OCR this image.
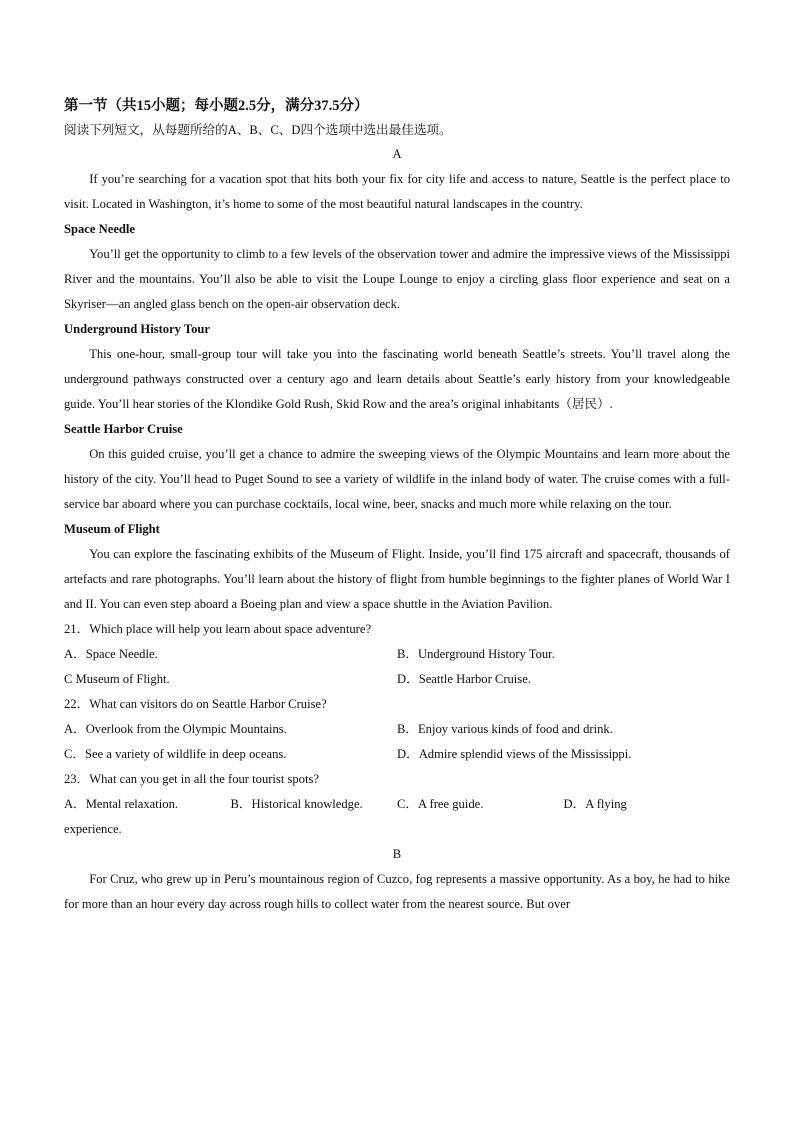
第一节（共15小题；每小题2.5分，满分37.5分）
阅读下列短文，从每题所给的A、B、C、D四个选项中选出最佳选项。
A

If you’re searching for a vacation spot that hits both your fix for city life and access to nature, Seattle is the perfect place to visit. Located in Washington, it’s home to some of the most beautiful natural landscapes in the country.

Space Needle

You’ll get the opportunity to climb to a few levels of the observation tower and admire the impressive views of the Mississippi River and the mountains. You’ll also be able to visit the Loupe Lounge to enjoy a circling glass floor experience and seat on a Skyriser—an angled glass bench on the open-air observation deck.

Underground History Tour

This one-hour, small-group tour will take you into the fascinating world beneath Seattle’s streets. You’ll travel along the underground pathways constructed over a century ago and learn details about Seattle’s early history from your knowledgeable guide. You’ll hear stories of the Klondike Gold Rush, Skid Row and the area’s original inhabitants（居民）.

Seattle Harbor Cruise

On this guided cruise, you’ll get a chance to admire the sweeping views of the Olympic Mountains and learn more about the history of the city. You’ll head to Puget Sound to see a variety of wildlife in the inland body of water. The cruise comes with a full-service bar aboard where you can purchase cocktails, local wine, beer, snacks and much more while relaxing on the tour.

Museum of Flight

You can explore the fascinating exhibits of the Museum of Flight. Inside, you’ll find 175 aircraft and spacecraft, thousands of artefacts and rare photographs. You’ll learn about the history of flight from humble beginnings to the fighter planes of World War I and II. You can even step aboard a Boeing plan and view a space shuttle in the Aviation Pavilion.

21．Which place will help you learn about space adventure?
A．Space Needle.	B．Underground History Tour.
C Museum of Flight.	D．Seattle Harbor Cruise.
22．What can visitors do on Seattle Harbor Cruise?
A．Overlook from the Olympic Mountains.	B．Enjoy various kinds of food and drink.
C．See a variety of wildlife in deep oceans.	D．Admire splendid views of the Mississippi.
23．What can you get in all the four tourist spots?
A．Mental relaxation.	B．Historical knowledge.	C．A free guide.	D．A flying
experience.
B

For Cruz, who grew up in Peru’s mountainous region of Cuzco, fog represents a massive opportunity. As a boy, he had to hike for more than an hour every day across rough hills to collect water from the nearest source. But over
